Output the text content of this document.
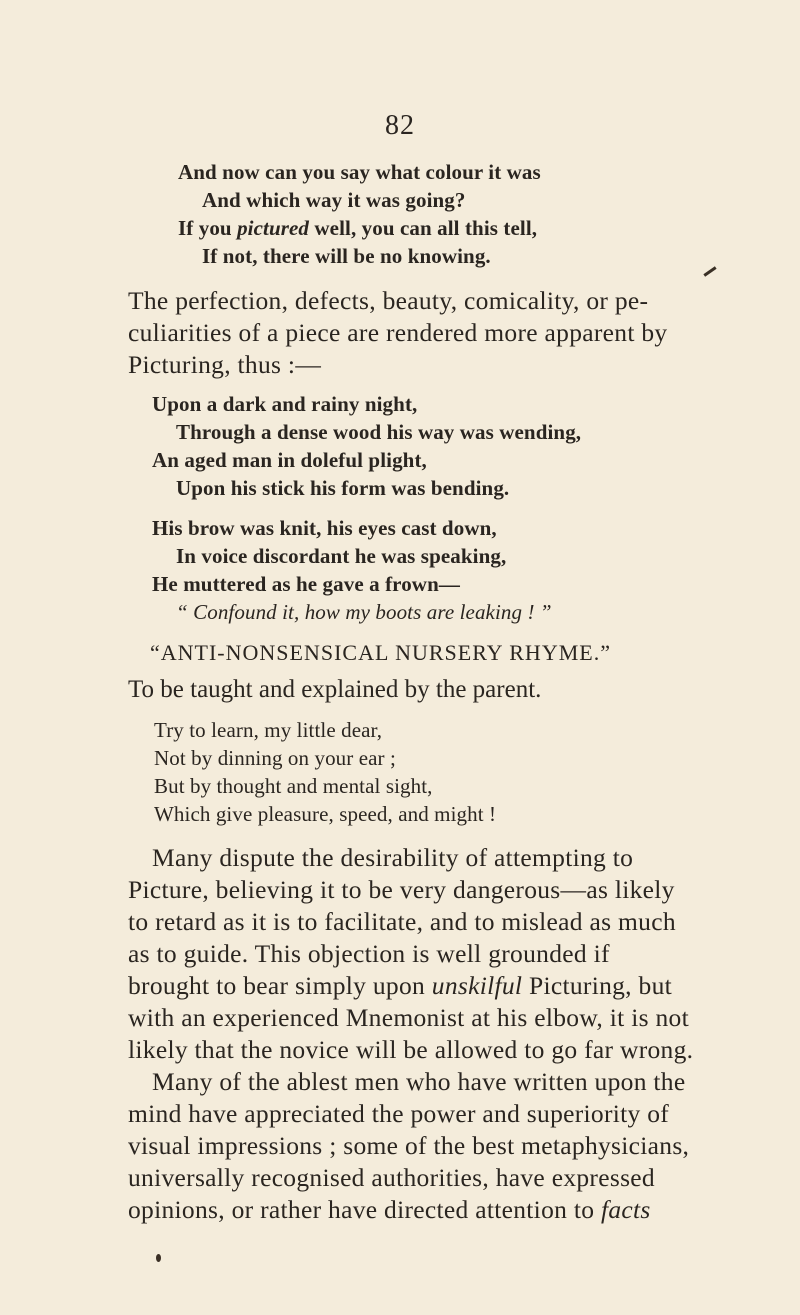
82
And now can you say what colour it was
And which way it was going?
If you pictured well, you can all this tell,
If not, there will be no knowing.
The perfection, defects, beauty, comicality, or pe-
culiarities of a piece are rendered more apparent by
Picturing, thus :—
Upon a dark and rainy night,
Through a dense wood his way was wending,
An aged man in doleful plight,
Upon his stick his form was bending.
His brow was knit, his eyes cast down,
In voice discordant he was speaking,
He muttered as he gave a frown—
“ Confound it, how my boots are leaking ! ”
“ANTI-NONSENSICAL NURSERY RHYME.”
To be taught and explained by the parent.
Try to learn, my little dear,
Not by dinning on your ear ;
But by thought and mental sight,
Which give pleasure, speed, and might !
Many dispute the desirability of attempting to
Picture, believing it to be very dangerous—as likely
to retard as it is to facilitate, and to mislead as much
as to guide. This objection is well grounded if
brought to bear simply upon unskilful Picturing, but
with an experienced Mnemonist at his elbow, it is not
likely that the novice will be allowed to go far wrong.
Many of the ablest men who have written upon the
mind have appreciated the power and superiority of
visual impressions ; some of the best metaphysicians,
universally recognised authorities, have expressed
opinions, or rather have directed attention to facts
